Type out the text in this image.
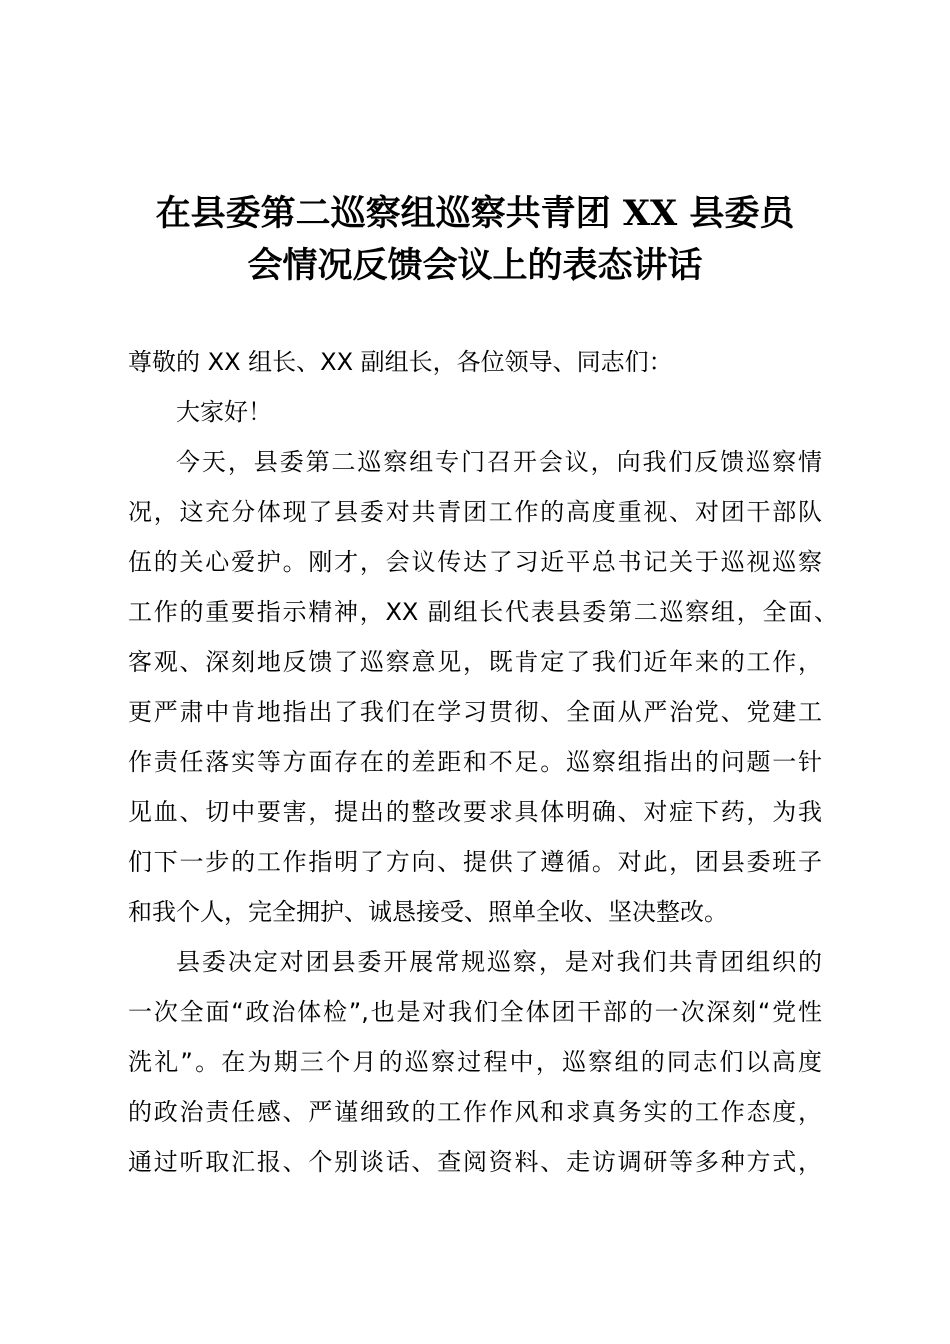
在县委第二巡察组巡察共青团 XX 县委员
会情况反馈会议上的表态讲话
尊敬的 XX 组长、XX 副组长，各位领导、同志们：
大家好！
今天，县委第二巡察组专门召开会议，向我们反馈巡察情
况，这充分体现了县委对共青团工作的高度重视、对团干部队
伍的关心爱护。刚才，会议传达了习近平总书记关于巡视巡察
工作的重要指示精神，XX 副组长代表县委第二巡察组，全面、
客观、深刻地反馈了巡察意见，既肯定了我们近年来的工作，
更严肃中肯地指出了我们在学习贯彻、全面从严治党、党建工
作责任落实等方面存在的差距和不足。巡察组指出的问题一针
见血、切中要害，提出的整改要求具体明确、对症下药，为我
们下一步的工作指明了方向、提供了遵循。对此，团县委班子
和我个人，完全拥护、诚恳接受、照单全收、坚决整改。
县委决定对团县委开展常规巡察，是对我们共青团组织的
一次全面“政治体检”,也是对我们全体团干部的一次深刻“党性
洗礼”。在为期三个月的巡察过程中，巡察组的同志们以高度
的政治责任感、严谨细致的工作作风和求真务实的工作态度，
通过听取汇报、个别谈话、查阅资料、走访调研等多种方式，
